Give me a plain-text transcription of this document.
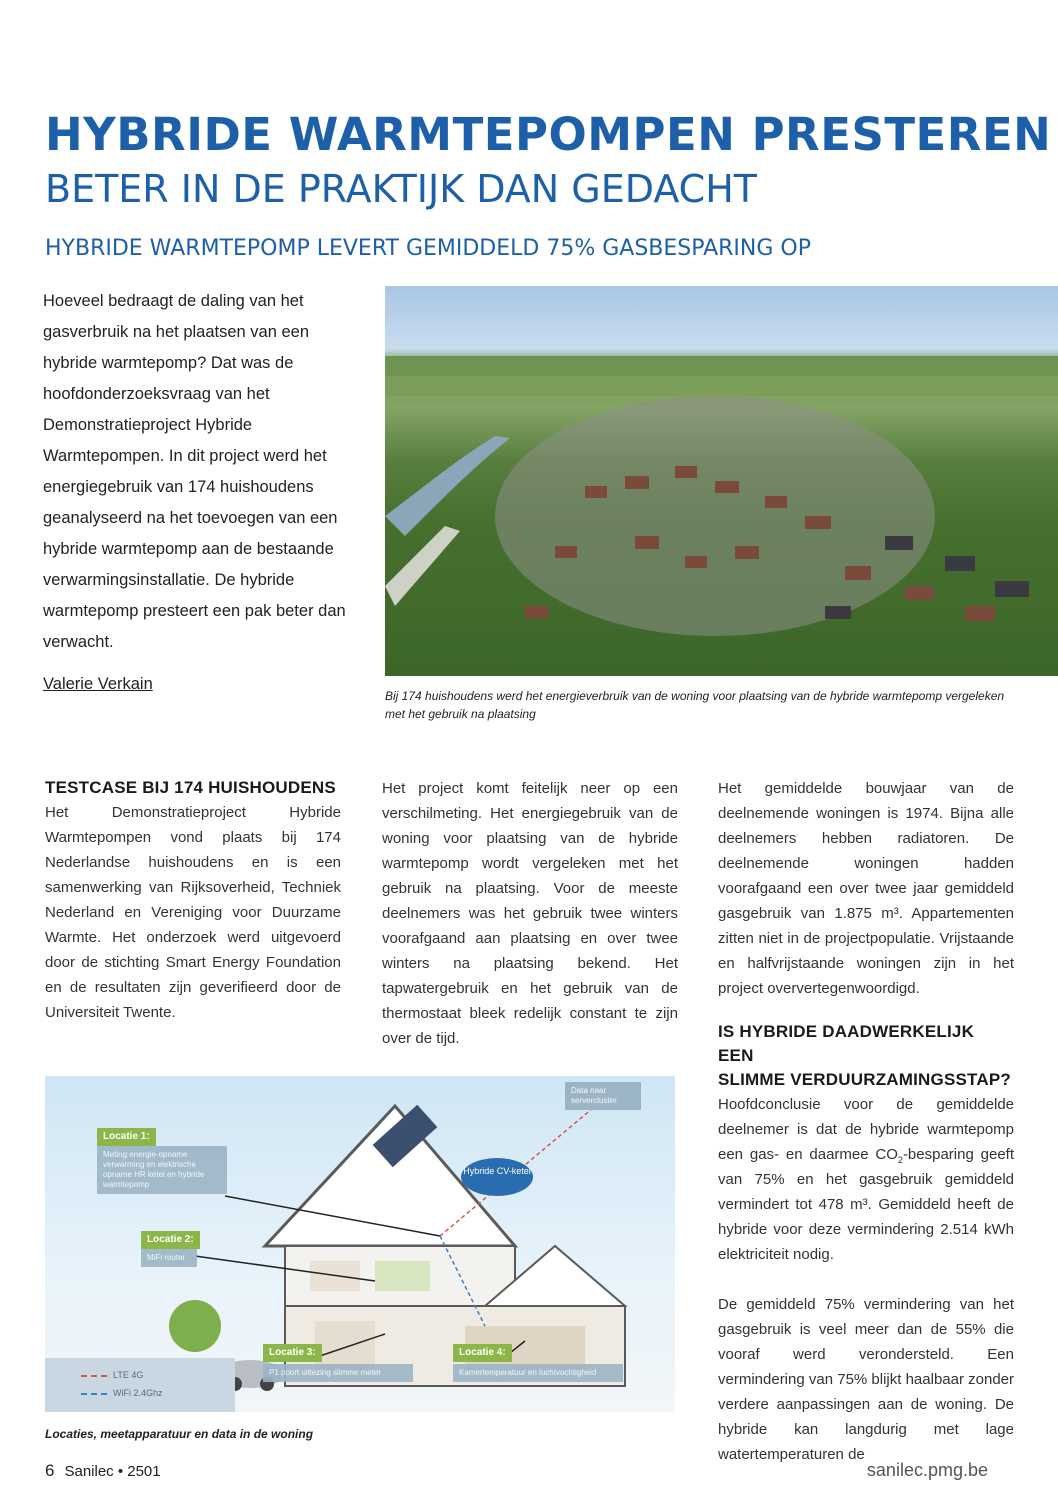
HYBRIDE WARMTEPOMPEN PRESTEREN
BETER IN DE PRAKTIJK DAN GEDACHT
HYBRIDE WARMTEPOMP LEVERT GEMIDDELD 75% GASBESPARING OP

Hoeveel bedraagt de daling van het gasverbruik na het plaatsen van een hybride warmtepomp? Dat was de hoofdonderzoeksvraag van het Demonstratieproject Hybride Warmtepompen. In dit project werd het energiegebruik van 174 huishoudens geanalyseerd na het toevoegen van een hybride warmtepomp aan de bestaande verwarmingsinstallatie. De hybride warmtepomp presteert een pak beter dan verwacht.

Valerie Verkain

Bij 174 huishoudens werd het energieverbruik van de woning voor plaatsing van de hybride warmtepomp vergeleken met het gebruik na plaatsing

TESTCASE BIJ 174 HUISHOUDENS

Het Demonstratieproject Hybride Warmtepompen vond plaats bij 174 Nederlandse huishoudens en is een samenwerking van Rijksoverheid, Techniek Nederland en Vereniging voor Duurzame Warmte. Het onderzoek werd uitgevoerd door de stichting Smart Energy Foundation en de resultaten zijn geverifieerd door de Universiteit Twente.

Het project komt feitelijk neer op een verschilmeting. Het energiegebruik van de woning voor plaatsing van de hybride warmtepomp wordt vergeleken met het gebruik na plaatsing. Voor de meeste deelnemers was het gebruik twee winters voorafgaand aan plaatsing en over twee winters na plaatsing bekend. Het tapwatergebruik en het gebruik van de thermostaat bleek redelijk constant te zijn over de tijd.

Het gemiddelde bouwjaar van de deelnemende woningen is 1974. Bijna alle deelnemers hebben radiatoren. De deelnemende woningen hadden voorafgaand een over twee jaar gemiddeld gasgebruik van 1.875 m³. Appartementen zitten niet in de projectpopulatie. Vrijstaande en halfvrijstaande woningen zijn in het project oververtegenwoordigd.

IS HYBRIDE DAADWERKELIJK EEN
SLIMME VERDUURZAMINGSSTAP?

Hoofdconclusie voor de gemiddelde deelnemer is dat de hybride warmtepomp een gas- en daarmee $CO_2$-besparing geeft van 75% en het gasgebruik gemiddeld vermindert tot 478 m³. Gemiddeld heeft de hybride voor deze vermindering 2.514 kWh elektriciteit nodig.

De gemiddeld 75% vermindering van het gasgebruik is veel meer dan de 55% die vooraf werd verondersteld. Een vermindering van 75% blijkt haalbaar zonder verdere aanpassingen aan de woning. De hybride kan langdurig met lage watertemperaturen de

Data naar servercluster
Hybride CV-ketel
Locatie 1:
Meting energie-opname verwarming en elektrische opname HR ketel en hybride warmtepomp
Locatie 2:
MiFi router
Locatie 3:
P1 poort uitlezing slimme meter
Locatie 4:
Kamertemperatuur en luchtvochtigheid
LTE 4G
WiFi 2.4Ghz

Locaties, meetapparatuur en data in de woning

6 Sanilec • 2501	sanilec.pmg.be
